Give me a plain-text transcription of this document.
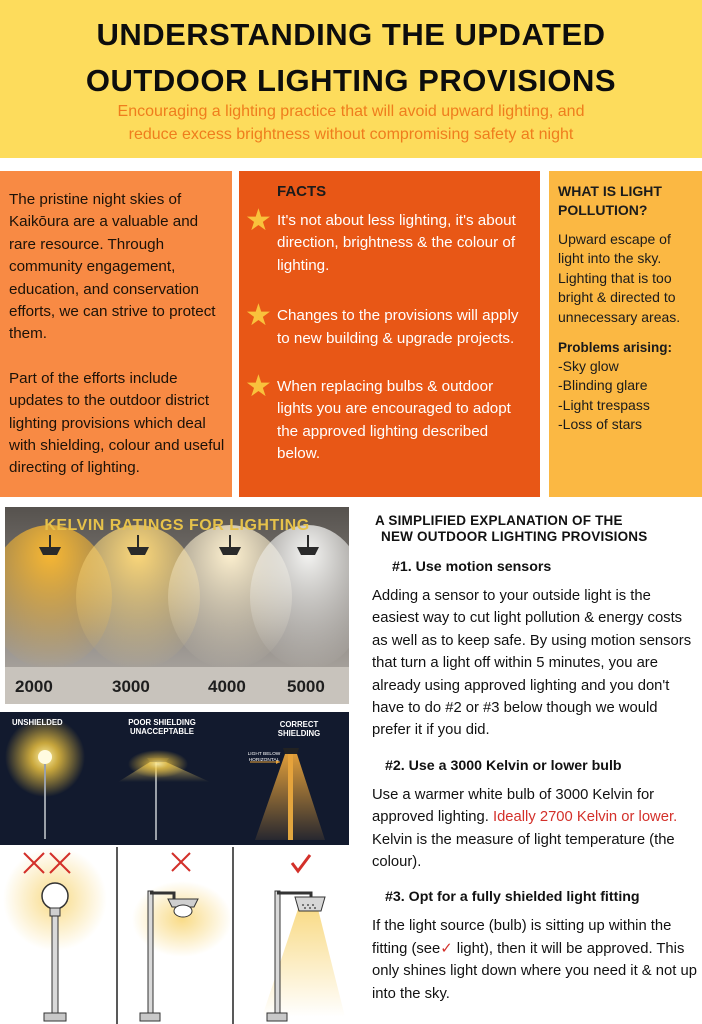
UNDERSTANDING THE UPDATED
OUTDOOR LIGHTING PROVISIONS
Encouraging a lighting practice that will avoid upward lighting, and
reduce excess brightness without compromising safety at night

The pristine night skies of Kaikōura are a valuable and rare resource. Through community engagement, education, and conservation efforts, we can strive to protect them.

Part of the efforts include updates to the outdoor district lighting provisions which deal with shielding, colour and useful directing of lighting.

FACTS
★ It's not about less lighting, it's about direction, brightness & the colour of lighting.
★ Changes to the provisions will apply to new building & upgrade projects.
★ When replacing bulbs & outdoor lights you are encouraged to adopt the approved lighting described below.
WHAT IS LIGHT POLLUTION?
Upward escape of light into the sky. Lighting that is too bright & directed to unnecessary areas.
Problems arising:
-Sky glow
-Blinding glare
-Light trespass
-Loss of stars
KELVIN RATINGS FOR LIGHTING
2000	3000	4000 5000
UNSHIELDED	POOR SHIELDING
UNACCEPTABLE
CORRECT
SHIELDING
LIGHT BELOW
HORIZONTAL
A SIMPLIFIED EXPLANATION OF THE
NEW OUTDOOR LIGHTING PROVISIONS
#1. Use motion sensors
Adding a sensor to your outside light is the easiest way to cut light pollution & energy costs as well as to keep safe. By using motion sensors that turn a light off within 5 minutes, you are already using approved lighting and you don't have to do #2 or #3 below though we would prefer it if you did.
#2. Use a 3000 Kelvin or lower bulb
Use a warmer white bulb of 3000 Kelvin for approved lighting. Ideally 2700 Kelvin or lower. Kelvin is the measure of light temperature (the colour).
#3. Opt for a fully shielded light fitting
If the light source (bulb) is sitting up within the fitting (see✓ light), then it will be approved. This only shines light down where you need it & not up into the sky.
